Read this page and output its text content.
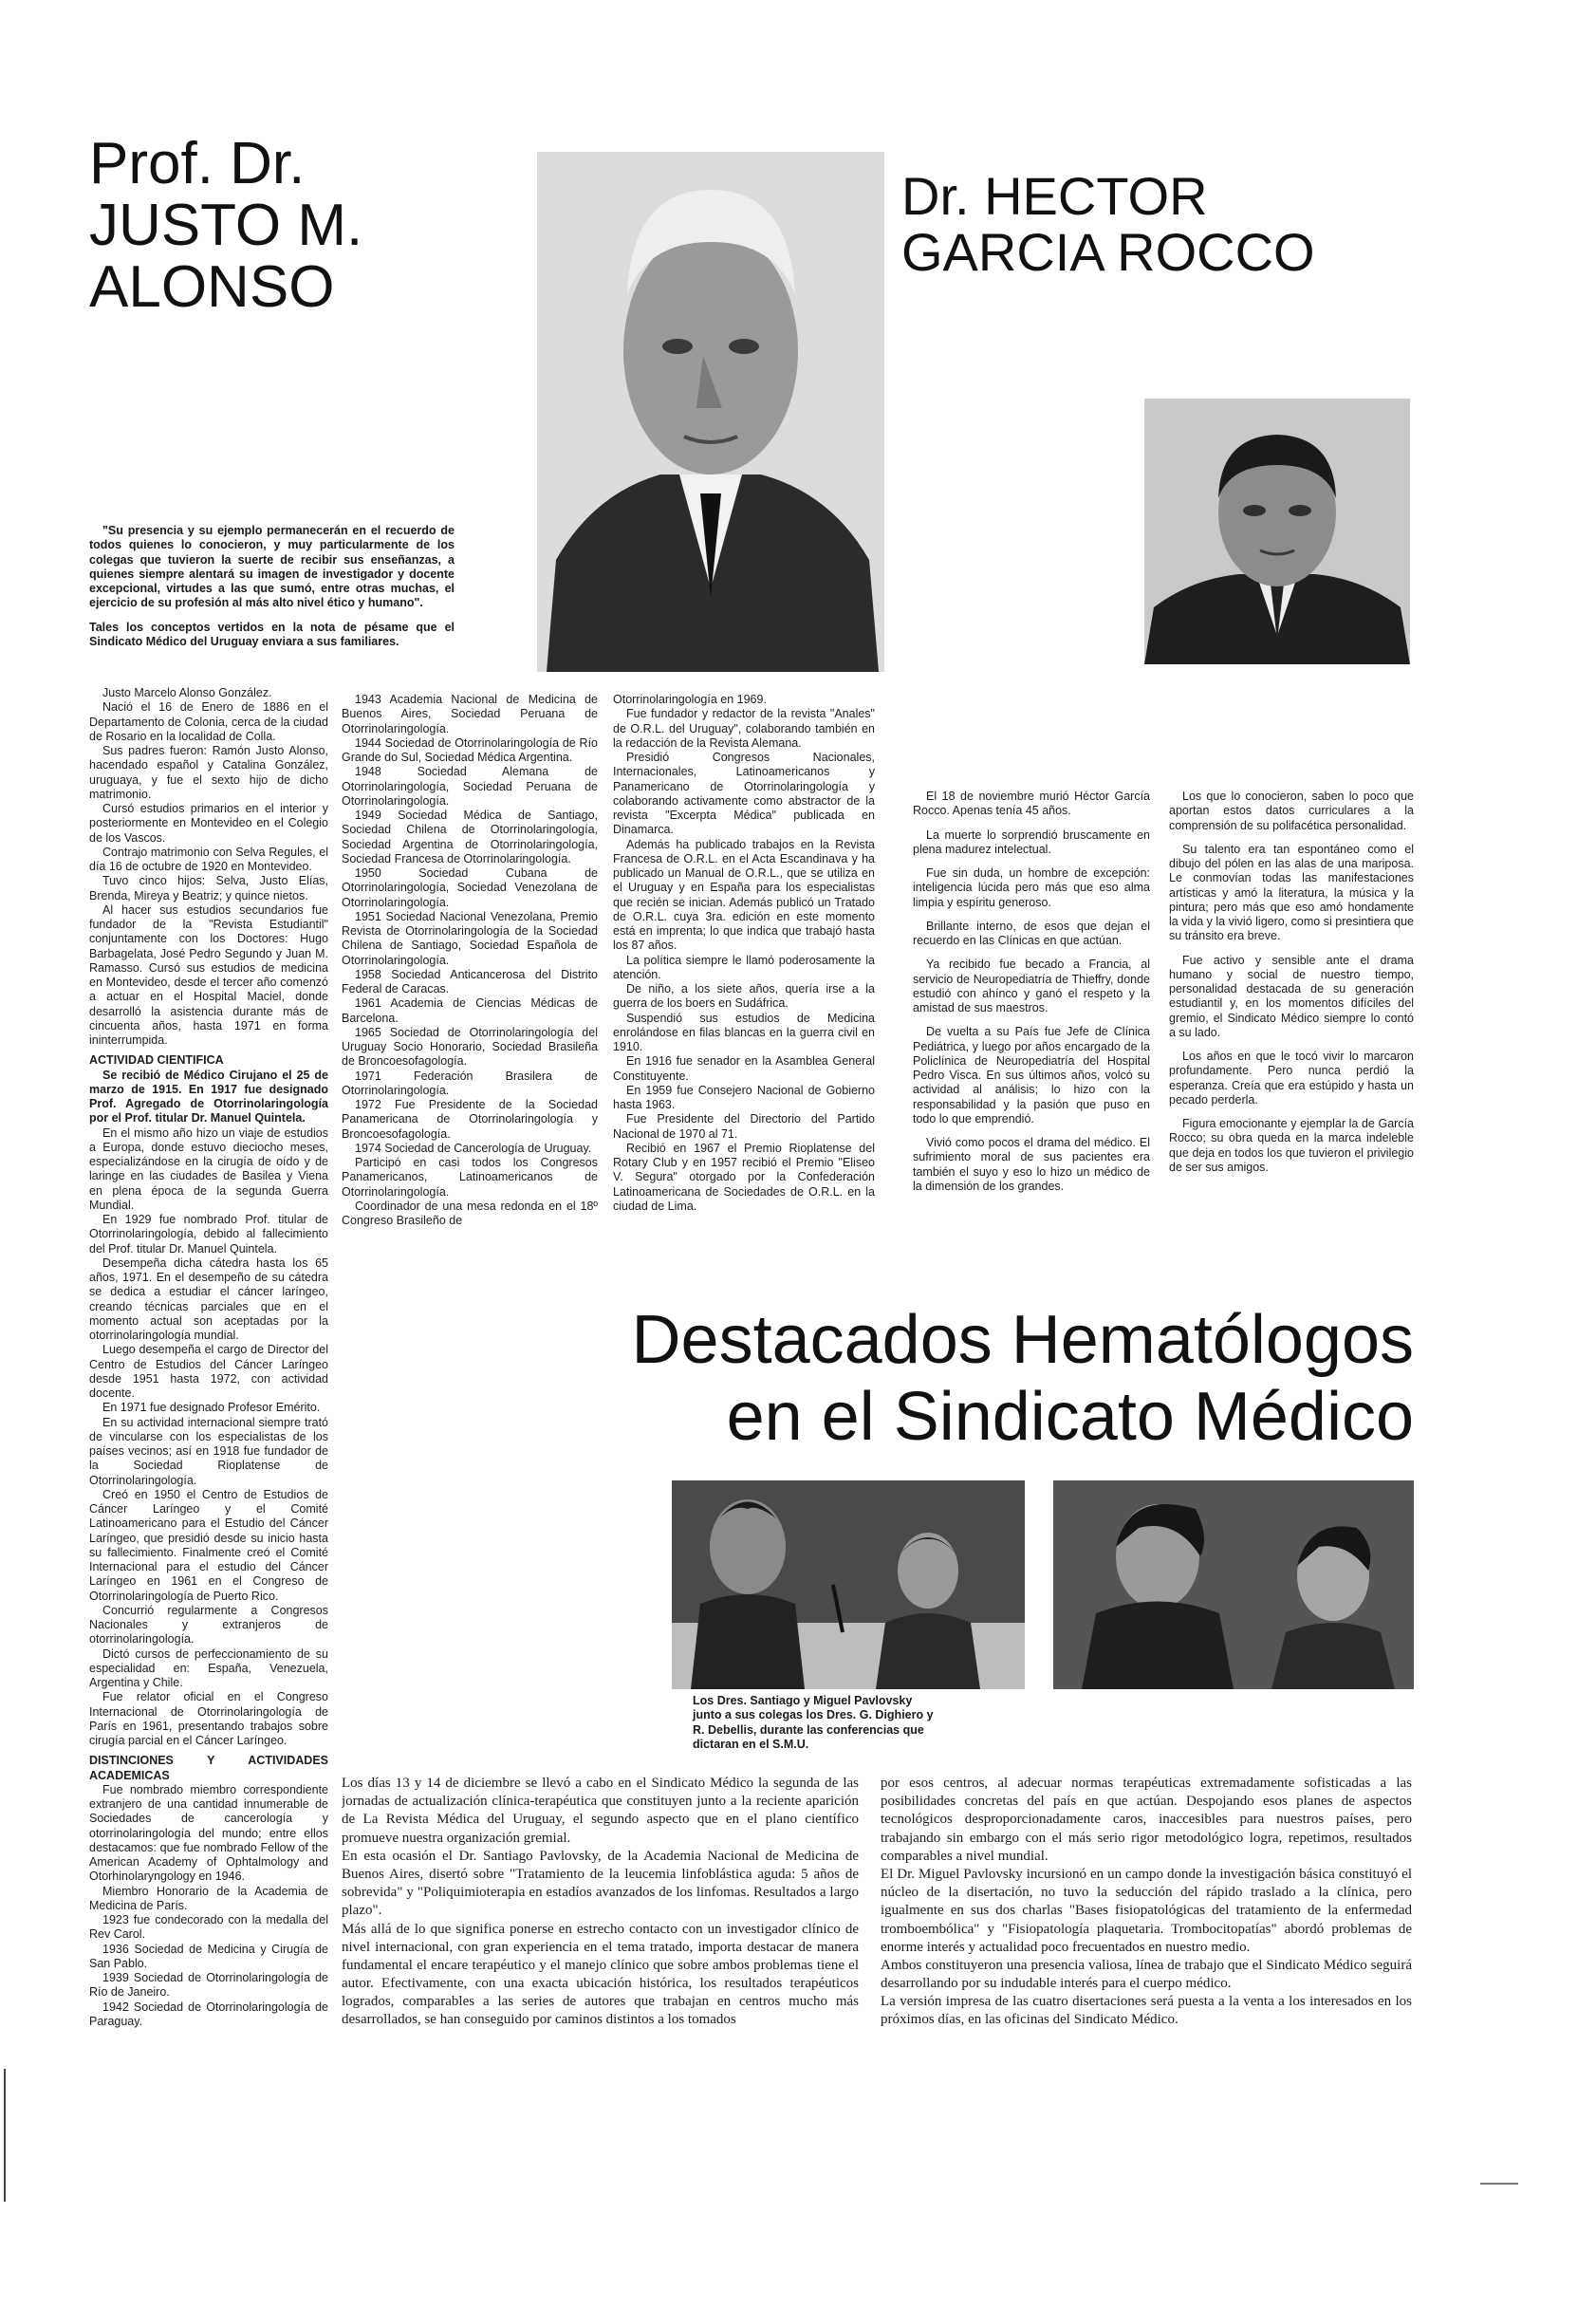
Prof. Dr.
JUSTO M.
ALONSO
Dr. HECTOR
GARCIA ROCCO

"Su presencia y su ejemplo permanecerán en el recuerdo de todos quienes lo conocieron, y muy particularmente de los colegas que tuvieron la suerte de recibir sus enseñanzas, a quienes siempre alentará su imagen de investigador y docente excepcional, virtudes a las que sumó, entre otras muchas, el ejercicio de su profesión al más alto nivel ético y humano".

Tales los conceptos vertidos en la nota de pésame que el Sindicato Médico del Uruguay enviara a sus familiares.

Justo Marcelo Alonso González.

Nació el 16 de Enero de 1886 en el Departamento de Colonia, cerca de la ciudad de Rosario en la localidad de Colla.

Sus padres fueron: Ramón Justo Alonso, hacendado español y Catalina González, uruguaya, y fue el sexto hijo de dicho matrimonio.

Cursó estudios primarios en el interior y posteriormente en Montevideo en el Colegio de los Vascos.

Contrajo matrimonio con Selva Regules, el día 16 de octubre de 1920 en Montevideo.

Tuvo cinco hijos: Selva, Justo Elías, Brenda, Mireya y Beatriz; y quince nietos.

Al hacer sus estudios secundarios fue fundador de la "Revista Estudiantil" conjuntamente con los Doctores: Hugo Barbagelata, José Pedro Segundo y Juan M. Ramasso. Cursó sus estudios de medicina en Montevideo, desde el tercer año comenzó a actuar en el Hospital Maciel, donde desarrolló la asistencia durante más de cincuenta años, hasta 1971 en forma ininterrumpida.

ACTIVIDAD CIENTIFICA

Se recibió de Médico Cirujano el 25 de marzo de 1915. En 1917 fue designado Prof. Agregado de Otorrinolaringología por el Prof. titular Dr. Manuel Quintela.

En el mismo año hizo un viaje de estudios a Europa, donde estuvo dieciocho meses, especializándose en la cirugía de oído y de laringe en las ciudades de Basilea y Viena en plena época de la segunda Guerra Mundial.

En 1929 fue nombrado Prof. titular de Otorrinolaringología, debido al fallecimiento del Prof. titular Dr. Manuel Quintela.

Desempeña dicha cátedra hasta los 65 años, 1971. En el desempeño de su cátedra se dedica a estudiar el cáncer laríngeo, creando técnicas parciales que en el momento actual son aceptadas por la otorrinolaringología mundial.

Luego desempeña el cargo de Director del Centro de Estudios del Cáncer Laríngeo desde 1951 hasta 1972, con actividad docente.

En 1971 fue designado Profesor Emérito.

En su actividad internacional siempre trató de vincularse con los especialistas de los países vecinos; así en 1918 fue fundador de la Sociedad Rioplatense de Otorrinolaringología.

Creó en 1950 el Centro de Estudios de Cáncer Laríngeo y el Comité Latinoamericano para el Estudio del Cáncer Laríngeo, que presidió desde su inicio hasta su fallecimiento. Finalmente creó el Comité Internacional para el estudio del Cáncer Laríngeo en 1961 en el Congreso de Otorrinolaringología de Puerto Rico.

Concurrió regularmente a Congresos Nacionales y extranjeros de otorrinolaringología.

Dictó cursos de perfeccionamiento de su especialidad en: España, Venezuela, Argentina y Chile.

Fue relator oficial en el Congreso Internacional de Otorrinolaringología de París en 1961, presentando trabajos sobre cirugía parcial en el Cáncer Laríngeo.

DISTINCIONES Y ACTIVIDADES ACADEMICAS

Fue nombrado miembro correspondiente extranjero de una cantidad innumerable de Sociedades de cancerología y otorrinolaringología del mundo; entre ellos destacamos: que fue nombrado Fellow of the American Academy of Ophtalmology and Otorhinolaryngology en 1946.

Miembro Honorario de la Academia de Medicina de París.

1923 fue condecorado con la medalla del Rev Carol.

1936 Sociedad de Medicina y Cirugía de San Pablo.

1939 Sociedad de Otorrinolaringología de Río de Janeiro.

1942 Sociedad de Otorrinolaringología de Paraguay.

1943 Academia Nacional de Medicina de Buenos Aires, Sociedad Peruana de Otorrinolaringología.

1944 Sociedad de Otorrinolaringología de Río Grande do Sul, Sociedad Médica Argentina.

1948 Sociedad Alemana de Otorrinolaringología, Sociedad Peruana de Otorrinolaringología.

1949 Sociedad Médica de Santiago, Sociedad Chilena de Otorrinolaringología, Sociedad Argentina de Otorrinolaringología, Sociedad Francesa de Otorrinolaringología.

1950 Sociedad Cubana de Otorrinolaringología, Sociedad Venezolana de Otorrinolaringología.

1951 Sociedad Nacional Venezolana, Premio Revista de Otorrinolaringología de la Sociedad Chilena de Santiago, Sociedad Española de Otorrinolaringología.

1958 Sociedad Anticancerosa del Distrito Federal de Caracas.

1961 Academia de Ciencias Médicas de Barcelona.

1965 Sociedad de Otorrinolaringología del Uruguay Socio Honorario, Sociedad Brasileña de Broncoesofagología.

1971 Federación Brasilera de Otorrinolaringología.

1972 Fue Presidente de la Sociedad Panamericana de Otorrinolaringología y Broncoesofagología.

1974 Sociedad de Cancerología de Uruguay.

Participó en casi todos los Congresos Panamericanos, Latinoamericanos de Otorrinolaringología.

Coordinador de una mesa redonda en el 18º Congreso Brasileño de

Otorrinolaringología en 1969.

Fue fundador y redactor de la revista "Anales" de O.R.L. del Uruguay", colaborando también en la redacción de la Revista Alemana.

Presidió Congresos Nacionales, Internacionales, Latinoamericanos y Panamericano de Otorrinolaringología y colaborando activamente como abstractor de la revista "Excerpta Médica" publicada en Dinamarca.

Además ha publicado trabajos en la Revista Francesa de O.R.L. en el Acta Escandinava y ha publicado un Manual de O.R.L., que se utiliza en el Uruguay y en España para los especialistas que recién se inician. Además publicó un Tratado de O.R.L. cuya 3ra. edición en este momento está en imprenta; lo que indica que trabajó hasta los 87 años.

La política siempre le llamó poderosamente la atención.

De niño, a los siete años, quería irse a la guerra de los boers en Sudáfrica.

Suspendió sus estudios de Medicina enrolándose en filas blancas en la guerra civil en 1910.

En 1916 fue senador en la Asamblea General Constituyente.

En 1959 fue Consejero Nacional de Gobierno hasta 1963.

Fue Presidente del Directorio del Partido Nacional de 1970 al 71.

Recibió en 1967 el Premio Rioplatense del Rotary Club y en 1957 recibió el Premio "Eliseo V. Segura" otorgado por la Confederación Latinoamericana de Sociedades de O.R.L. en la ciudad de Lima.

El 18 de noviembre murió Héctor García Rocco. Apenas tenía 45 años.

La muerte lo sorprendió bruscamente en plena madurez intelectual.

Fue sin duda, un hombre de excepción: inteligencia lúcida pero más que eso alma limpia y espíritu generoso.

Brillante interno, de esos que dejan el recuerdo en las Clínicas en que actúan.

Ya recibido fue becado a Francia, al servicio de Neuropediatría de Thieffry, donde estudió con ahínco y ganó el respeto y la amistad de sus maestros.

De vuelta a su País fue Jefe de Clínica Pediátrica, y luego por años encargado de la Policlínica de Neuropediatría del Hospital Pedro Visca. En sus últimos años, volcó su actividad al análisis; lo hizo con la responsabilidad y la pasión que puso en todo lo que emprendió.

Vivió como pocos el drama del médico. El sufrimiento moral de sus pacientes era también el suyo y eso lo hizo un médico de la dimensión de los grandes.

Los que lo conocieron, saben lo poco que aportan estos datos curriculares a la comprensión de su polifacética personalidad.

Su talento era tan espontáneo como el dibujo del pólen en las alas de una mariposa. Le conmovían todas las manifestaciones artísticas y amó la literatura, la música y la pintura; pero más que eso amó hondamente la vida y la vivió ligero, como si presintiera que su tránsito era breve.

Fue activo y sensible ante el drama humano y social de nuestro tiempo, personalidad destacada de su generación estudiantil y, en los momentos difíciles del gremio, el Sindicato Médico siempre lo contó a su lado.

Los años en que le tocó vivir lo marcaron profundamente. Pero nunca perdió la esperanza. Creía que era estúpido y hasta un pecado perderla.

Figura emocionante y ejemplar la de García Rocco; su obra queda en la marca indeleble que deja en todos los que tuvieron el privilegio de ser sus amigos.

Destacados Hematólogos
en el Sindicato Médico
Los Dres. Santiago y Miguel Pavlovsky junto a sus colegas los Dres. G. Dighiero y R. Debellis, durante las conferencias que dictaran en el S.M.U.

Los días 13 y 14 de diciembre se llevó a cabo en el Sindicato Médico la segunda de las jornadas de actualización clínica-terapéutica que constituyen junto a la reciente aparición de La Revista Médica del Uruguay, el segundo aspecto que en el plano científico promueve nuestra organización gremial.

En esta ocasión el Dr. Santiago Pavlovsky, de la Academia Nacional de Medicina de Buenos Aires, disertó sobre "Tratamiento de la leucemia linfoblástica aguda: 5 años de sobrevida" y "Poliquimioterapia en estadíos avanzados de los linfomas. Resultados a largo plazo".

Más allá de lo que significa ponerse en estrecho contacto con un investigador clínico de nivel internacional, con gran experiencia en el tema tratado, importa destacar de manera fundamental el encare terapéutico y el manejo clínico que sobre ambos problemas tiene el autor. Efectivamente, con una exacta ubicación histórica, los resultados terapéuticos logrados, comparables a las series de autores que trabajan en centros mucho más desarrollados, se han conseguido por caminos distintos a los tomados

por esos centros, al adecuar normas terapéuticas extremadamente sofisticadas a las posibilidades concretas del país en que actúan. Despojando esos planes de aspectos tecnológicos desproporcionadamente caros, inaccesibles para nuestros países, pero trabajando sin embargo con el más serio rigor metodológico logra, repetimos, resultados comparables a nivel mundial.

El Dr. Miguel Pavlovsky incursionó en un campo donde la investigación básica constituyó el núcleo de la disertación, no tuvo la seducción del rápido traslado a la clínica, pero igualmente en sus dos charlas "Bases fisiopatológicas del tratamiento de la enfermedad tromboembólica" y "Fisiopatología plaquetaria. Trombocitopatías" abordó problemas de enorme interés y actualidad poco frecuentados en nuestro medio.

Ambos constituyeron una presencia valiosa, línea de trabajo que el Sindicato Médico seguirá desarrollando por su indudable interés para el cuerpo médico.

La versión impresa de las cuatro disertaciones será puesta a la venta a los interesados en los próximos días, en las oficinas del Sindicato Médico.
